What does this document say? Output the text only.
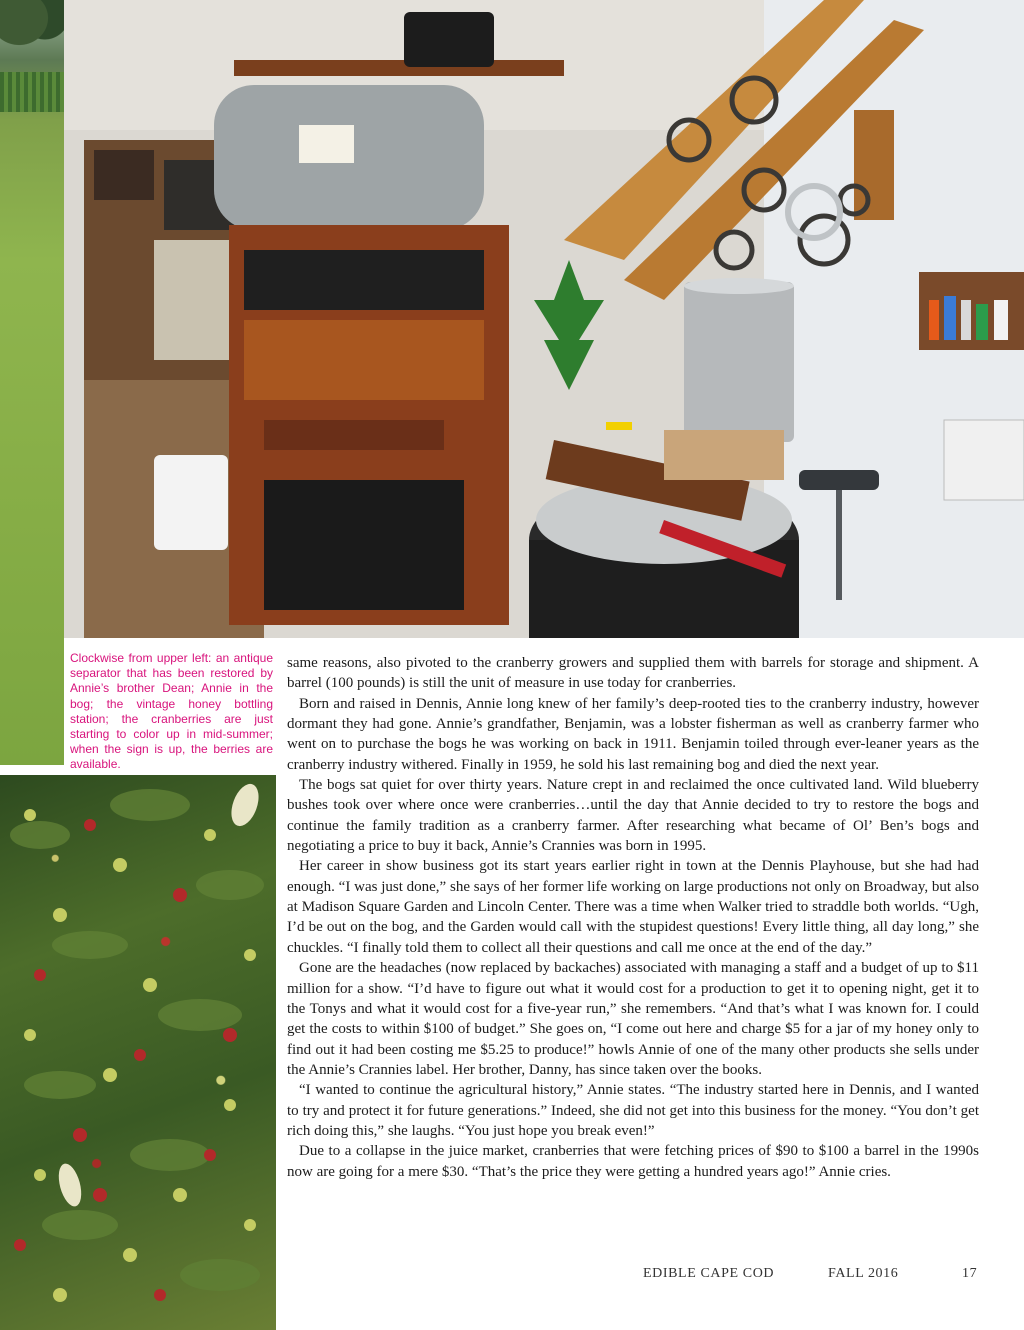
Clockwise from upper left: an antique separator that has been restored by Annie’s brother Dean; Annie in the bog; the vintage honey bottling station; the cranberries are just starting to color up in mid-summer; when the sign is up, the berries are available.

same reasons, also pivoted to the cranberry growers and supplied them with barrels for storage and shipment. A barrel (100 pounds) is still the unit of measure in use today for cranberries.

Born and raised in Dennis, Annie long knew of her family’s deep-rooted ties to the cranberry industry, however dormant they had gone. Annie’s grandfather, Benjamin, was a lobster fisherman as well as cranberry farmer who went on to purchase the bogs he was working on back in 1911. Benjamin toiled through ever-leaner years as the cranberry industry withered. Finally in 1959, he sold his last remaining bog and died the next year.

The bogs sat quiet for over thirty years. Nature crept in and reclaimed the once cultivated land. Wild blueberry bushes took over where once were cranberries…until the day that Annie decided to try to restore the bogs and continue the family tradition as a cranberry farmer. After researching what became of Ol’ Ben’s bogs and negotiating a price to buy it back, Annie’s Crannies was born in 1995.

Her career in show business got its start years earlier right in town at the Dennis Playhouse, but she had had enough. “I was just done,” she says of her former life working on large productions not only on Broadway, but also at Madison Square Garden and Lincoln Center. There was a time when Walker tried to straddle both worlds. “Ugh, I’d be out on the bog, and the Garden would call with the stupidest questions! Every little thing, all day long,” she chuckles. “I finally told them to collect all their questions and call me once at the end of the day.”

Gone are the headaches (now replaced by backaches) associated with managing a staff and a budget of up to $11 million for a show. “I’d have to figure out what it would cost for a production to get it to opening night, get it to the Tonys and what it would cost for a five-year run,” she remembers. “And that’s what I was known for. I could get the costs to within $100 of budget.” She goes on, “I come out here and charge $5 for a jar of my honey only to find out it had been costing me $5.25 to produce!” howls Annie of one of the many other products she sells under the Annie’s Crannies label. Her brother, Danny, has since taken over the books.

“I wanted to continue the agricultural history,” Annie states. “The industry started here in Dennis, and I wanted to try and protect it for future generations.” Indeed, she did not get into this business for the money. “You don’t get rich doing this,” she laughs. “You just hope you break even!”

Due to a collapse in the juice market, cranberries that were fetching prices of $90 to $100 a barrel in the 1990s now are going for a mere $30. “That’s the price they were getting a hundred years ago!” Annie cries.

EDIBLE CAPE COD	FALL 2016	17
